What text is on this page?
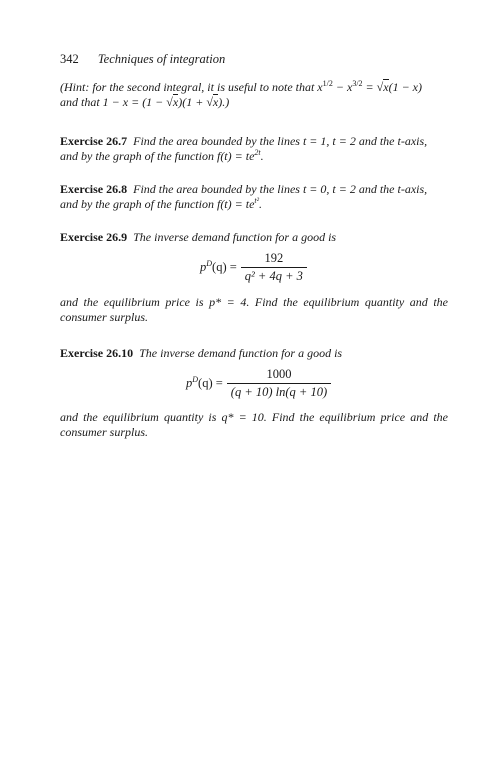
342 Techniques of integration
(Hint: for the second integral, it is useful to note that $x^{1/2} - x^{3/2} = √x(1 - x)$
and that 1 − x = (1 − √x)(1 + √x).)
Exercise 26.7 Find the area bounded by the lines t = 1, t = 2 and the t-axis,
and by the graph of the function $f(t) = te^{2t}$.
Exercise 26.8 Find the area bounded by the lines t = 0, t = 2 and the t-axis,
and by the graph of the function $f(t) = te^{t^2}$.
Exercise 26.9 The inverse demand function for a good is
$p^D(q) = \frac{192}{\text{q² + 4q + 3}}$
and the equilibrium price is p* = 4. Find the equilibrium quantity and the
consumer surplus.
Exercise 26.10 The inverse demand function for a good is
$p^D(q) = \frac{1000}{(q + 10) \ln(q + 10)}$
and the equilibrium quantity is q* = 10. Find the equilibrium price and the
consumer surplus.
